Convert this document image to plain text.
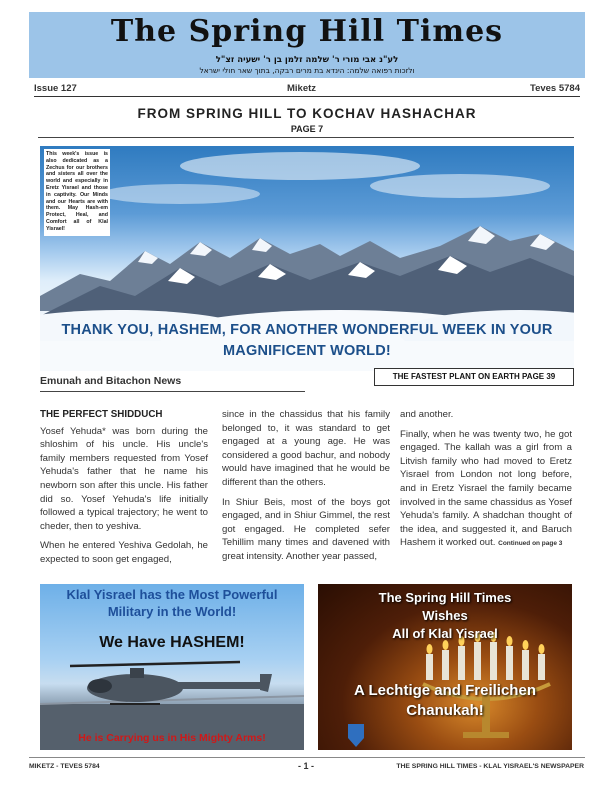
The Spring Hill Times
לע"נ אבי מורי ר' שלמה זלמן בן ר' ישעיה זצ"ל
ולזכות רפואה שלמה: הינדא בת מרים רבקה, בתוך שאר חולי ישראל
Issue 127	Miketz	Teves 5784
FROM SPRING HILL TO KOCHAV HASHACHAR
PAGE 7
This week's issue is also dedicated as a Zechus for our brothers and sisters all over the world and especially in Eretz Yisrael and those in captivity. Our Minds and our Hearts are with them. May Hash-em Protect, Heal, and Comfort all of Klal Yisrael!
THANK YOU, HASHEM, FOR ANOTHER WONDERFUL WEEK IN YOUR MAGNIFICENT WORLD!
Emunah and Bitachon News	THE FASTEST PLANT ON EARTH PAGE 39

THE PERFECT SHIDDUCH

Yosef Yehuda* was born during the shloshim of his uncle. His uncle's family members requested from Yosef Yehuda's father that he name his newborn son after this uncle. His father did so. Yosef Yehuda's life initially followed a typical trajectory; he went to cheder, then to yeshiva.

When he entered Yeshiva Gedolah, he expected to soon get engaged,

since in the chassidus that his family belonged to, it was standard to get engaged at a young age. He was considered a good bachur, and nobody would have imagined that he would be different than the others.

In Shiur Beis, most of the boys got engaged, and in Shiur Gimmel, the rest got engaged. He completed sefer Tehillim many times and davened with great intensity. Another year passed,

and another.

Finally, when he was twenty two, he got engaged. The kallah was a girl from a Litvish family who had moved to Eretz Yisrael from London not long before, and in Eretz Yisrael the family became involved in the same chassidus as Yosef Yehuda's family. A shadchan thought of the idea, and suggested it, and Baruch Hashem it worked out. Continued on page 3

Klal Yisrael has the Most Powerful
Military in the World!
We Have HASHEM!
He is Carrying us in His Mighty Arms!
The Spring Hill Times
Wishes
All of Klal Yisrael
A Lechtige and Freilichen
Chanukah!
MIKETZ - TEVES 5784	- 1 -	THE SPRING HILL TIMES - KLAL YISRAEL'S NEWSPAPER
